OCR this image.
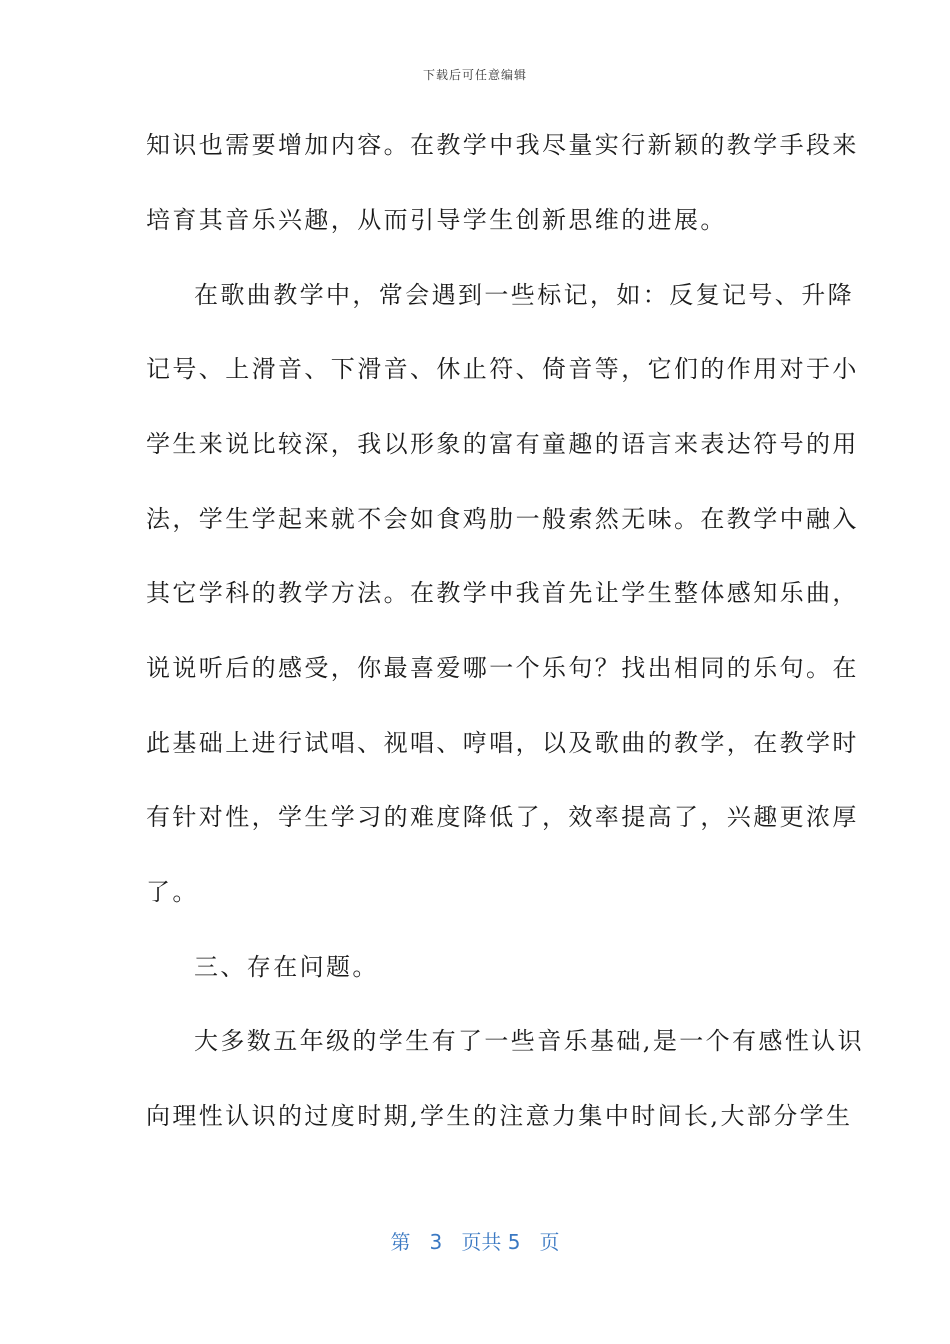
下载后可任意编辑
知识也需要增加内容。在教学中我尽量实行新颖的教学手段来
培育其音乐兴趣，从而引导学生创新思维的进展。
在歌曲教学中，常会遇到一些标记，如：反复记号、升降
记号、上滑音、下滑音、休止符、倚音等，它们的作用对于小
学生来说比较深，我以形象的富有童趣的语言来表达符号的用
法，学生学起来就不会如食鸡肋一般索然无味。在教学中融入
其它学科的教学方法。在教学中我首先让学生整体感知乐曲，
说说听后的感受，你最喜爱哪一个乐句？找出相同的乐句。在
此基础上进行试唱、视唱、哼唱，以及歌曲的教学，在教学时
有针对性，学生学习的难度降低了，效率提高了，兴趣更浓厚
了。
三、存在问题。
大多数五年级的学生有了一些音乐基础,是一个有感性认识
向理性认识的过度时期,学生的注意力集中时间长,大部分学生
第 3 页共 5 页
